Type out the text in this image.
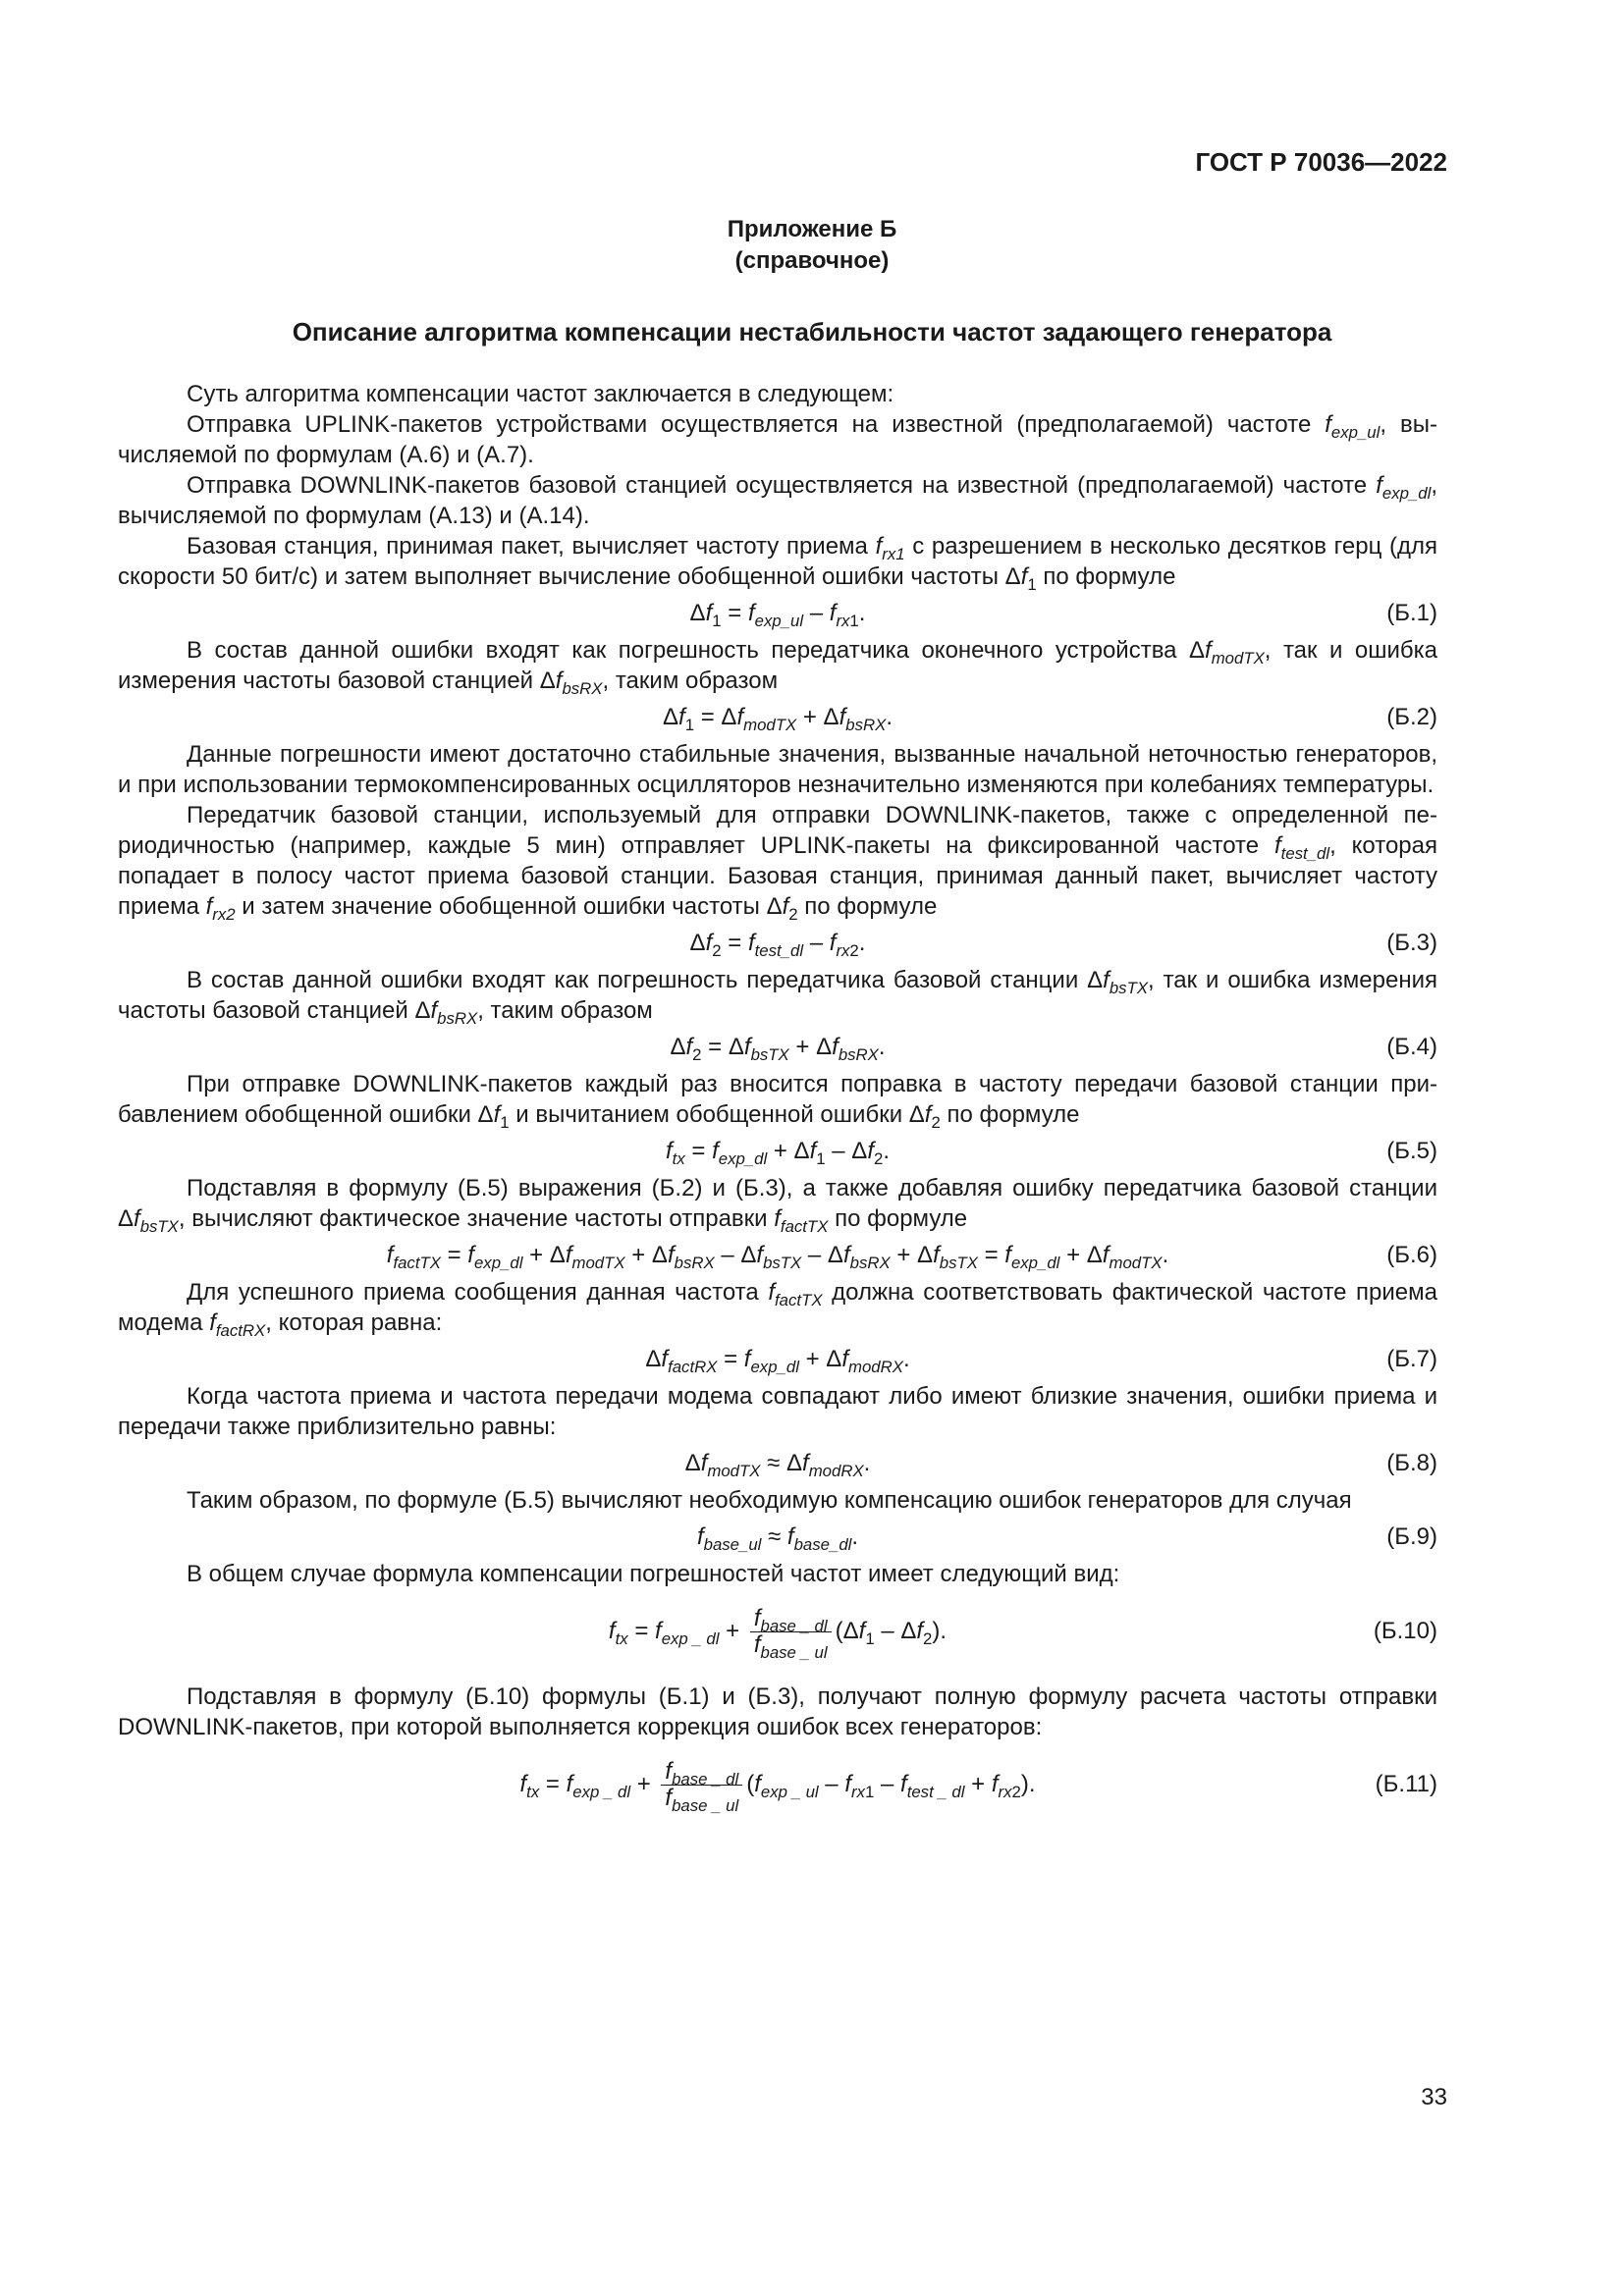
ГОСТ Р 70036—2022
Приложение Б
(справочное)
Описание алгоритма компенсации нестабильности частот задающего генератора

Суть алгоритма компенсации частот заключается в следующем:

Отправка UPLINK-пакетов устройствами осуществляется на известной (предполагаемой) частоте $f_{exp\_ul}$, вычисляемой по формулам (А.6) и (А.7).

Отправка DOWNLINK-пакетов базовой станцией осуществляется на известной (предполагаемой) частоте $f_{exp\_dl}$, вычисляемой по формулам (А.13) и (А.14).

Базовая станция, принимая пакет, вычисляет частоту приема $f_{rx1}$ с разрешением в несколько десятков герц (для скорости 50 бит/с) и затем выполняет вычисление обобщенной ошибки частоты $\Delta f_1$ по формуле

$\Delta f_1 = f_{exp\_ul} - f_{rx1}$.	(Б.1)

В состав данной ошибки входят как погрешность передатчика оконечного устройства $\Delta f_{modTX}$, так и ошибка измерения частоты базовой станцией $\Delta f_{bsRX}$, таким образом

$\Delta f_1 = \Delta f_{modTX} + \Delta f_{bsRX}$.	(Б.2)

Данные погрешности имеют достаточно стабильные значения, вызванные начальной неточностью генераторов, и при использовании термокомпенсированных осцилляторов незначительно изменяются при колебаниях температуры.

Передатчик базовой станции, используемый для отправки DOWNLINK-пакетов, также с определенной периодичностью (например, каждые 5 мин) отправляет UPLINK-пакеты на фиксированной частоте $f_{test\_dl}$, которая попадает в полосу частот приема базовой станции. Базовая станция, принимая данный пакет, вычисляет частоту приема $f_{rx2}$ и затем значение обобщенной ошибки частоты $\Delta f_2$ по формуле

$\Delta f_2 = f_{test\_dl} - f_{rx2}$.	(Б.3)

В состав данной ошибки входят как погрешность передатчика базовой станции $\Delta f_{bsTX}$, так и ошибка измерения частоты базовой станцией $\Delta f_{bsRX}$, таким образом

$\Delta f_2 = \Delta f_{bsTX} + \Delta f_{bsRX}$.	(Б.4)

При отправке DOWNLINK-пакетов каждый раз вносится поправка в частоту передачи базовой станции прибавлением обобщенной ошибки $\Delta f_1$ и вычитанием обобщенной ошибки $\Delta f_2$ по формуле

$f_{tx} = f_{exp\_dl} + \Delta f_1 - \Delta f_2$.	(Б.5)

Подставляя в формулу (Б.5) выражения (Б.2) и (Б.3), а также добавляя ошибку передатчика базовой станции $\Delta f_{bsTX}$, вычисляют фактическое значение частоты отправки $f_{factTX}$ по формуле

$f_{factTX} = f_{exp\_dl} + \Delta f_{modTX} + \Delta f_{bsRX} - \Delta f_{bsTX} - \Delta f_{bsRX} + \Delta f_{bsTX} = f_{exp\_dl} + \Delta f_{modTX}$.	(Б.6)

Для успешного приема сообщения данная частота $f_{factTX}$ должна соответствовать фактической частоте приема модема $f_{factRX}$, которая равна:

$\Delta f_{factRX} = f_{exp\_dl} + \Delta f_{modRX}$.	(Б.7)

Когда частота приема и частота передачи модема совпадают либо имеют близкие значения, ошибки приема и передачи также приблизительно равны:

$\Delta f_{modTX} \approx \Delta f_{modRX}$.	(Б.8)

Таким образом, по формуле (Б.5) вычисляют необходимую компенсацию ошибок генераторов для случая

$f_{base\_ul} \approx f_{base\_dl}$.	(Б.9)

В общем случае формула компенсации погрешностей частот имеет следующий вид:

$f_{tx} = f_{exp \_ dl} + \frac{f_{base \_ dl}}{f_{base \_ ul}} (\Delta f_1 - \Delta f_2)$.	(Б.10)

Подставляя в формулу (Б.10) формулы (Б.1) и (Б.3), получают полную формулу расчета частоты отправки DOWNLINK-пакетов, при которой выполняется коррекция ошибок всех генераторов:

$f_{tx} = f_{exp \_ dl} + \frac{f_{base \_ dl}}{f_{base \_ ul}} (f_{exp \_ ul} - f_{rx1} - f_{test \_ dl} + f_{rx2})$.	(Б.11)
33
